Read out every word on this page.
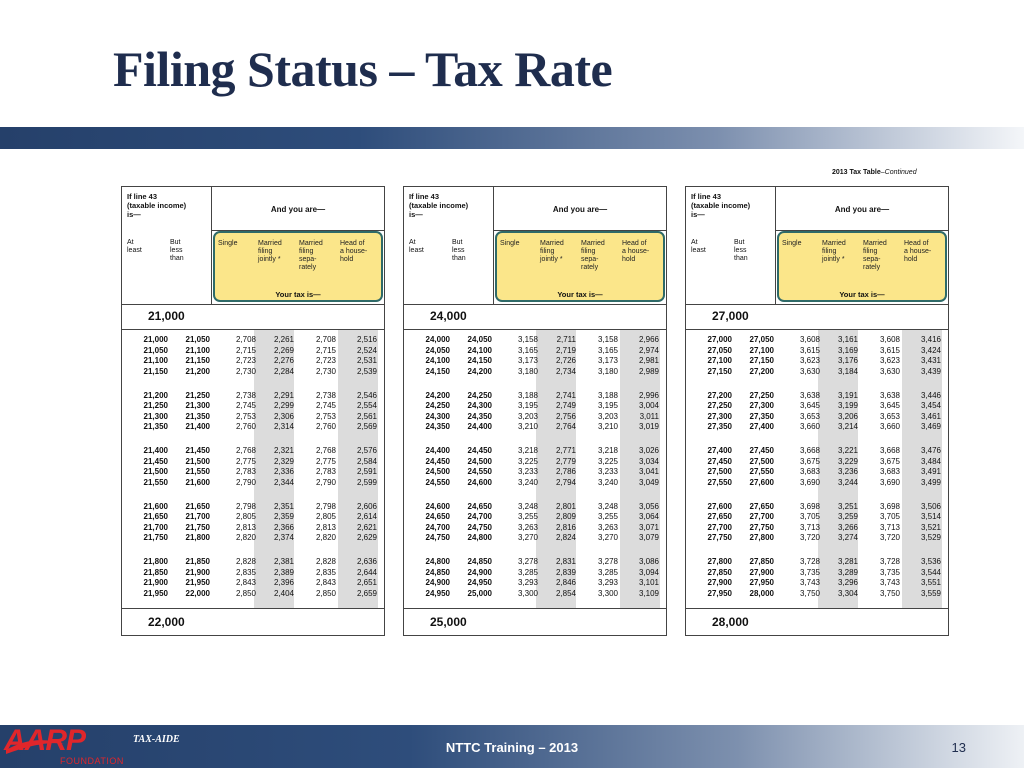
Filing Status – Tax Rate
2013 Tax Table–Continued
If line 43
(taxable income)
is—
At
least
But
less
than
And you are—
Single	Married
filing
jointly *
Married
filing
sepa-
rately
Head of
a house-
hold
Your tax is—
21,000
21,000 21,050	2,708 2,261	2,708	2,516
21,050 21,100	2,715 2,269	2,715	2,524
21,100 21,150	2,723 2,276	2,723	2,531
21,150 21,200	2,730 2,284	2,730	2,539
21,200 21,250	2,738 2,291	2,738	2,546
21,250 21,300	2,745 2,299	2,745	2,554
21,300 21,350	2,753 2,306	2,753	2,561
21,350 21,400	2,760 2,314	2,760	2,569
21,400 21,450	2,768 2,321	2,768	2,576
21,450 21,500	2,775 2,329	2,775	2,584
21,500 21,550	2,783 2,336	2,783	2,591
21,550 21,600	2,790 2,344	2,790	2,599
21,600 21,650	2,798 2,351	2,798	2,606
21,650 21,700	2,805 2,359	2,805	2,614
21,700 21,750	2,813 2,366	2,813	2,621
21,750 21,800	2,820 2,374	2,820	2,629
21,800 21,850	2,828 2,381	2,828	2,636
21,850 21,900	2,835 2,389	2,835	2,644
21,900 21,950	2,843 2,396	2,843	2,651
21,950 22,000	2,850 2,404	2,850	2,659
22,000
If line 43
(taxable income)
is—
At
least
But
less
than
And you are—
Single	Married
filing
jointly *
Married
filing
sepa-
rately
Head of
a house-
hold
Your tax is—
24,000
24,000 24,050	3,158 2,711	3,158	2,966
24,050 24,100	3,165 2,719	3,165	2,974
24,100 24,150	3,173 2,726	3,173	2,981
24,150 24,200	3,180 2,734	3,180	2,989
24,200 24,250	3,188 2,741	3,188	2,996
24,250 24,300	3,195 2,749	3,195	3,004
24,300 24,350	3,203 2,756	3,203	3,011
24,350 24,400	3,210 2,764	3,210	3,019
24,400 24,450	3,218 2,771	3,218	3,026
24,450 24,500	3,225 2,779	3,225	3,034
24,500 24,550	3,233 2,786	3,233	3,041
24,550 24,600	3,240 2,794	3,240	3,049
24,600 24,650	3,248 2,801	3,248	3,056
24,650 24,700	3,255 2,809	3,255	3,064
24,700 24,750	3,263 2,816	3,263	3,071
24,750 24,800	3,270 2,824	3,270	3,079
24,800 24,850	3,278 2,831	3,278	3,086
24,850 24,900	3,285 2,839	3,285	3,094
24,900 24,950	3,293 2,846	3,293	3,101
24,950 25,000	3,300 2,854	3,300	3,109
25,000
If line 43
(taxable income)
is—
At
least
But
less
than
And you are—
Single	Married
filing
jointly *
Married
filing
sepa-
rately
Head of
a house-
hold
Your tax is—
27,000
27,000 27,050	3,608 3,161	3,608	3,416
27,050 27,100	3,615 3,169	3,615	3,424
27,100 27,150	3,623 3,176	3,623	3,431
27,150 27,200	3,630 3,184	3,630	3,439
27,200 27,250	3,638 3,191	3,638	3,446
27,250 27,300	3,645 3,199	3,645	3,454
27,300 27,350	3,653 3,206	3,653	3,461
27,350 27,400	3,660 3,214	3,660	3,469
27,400 27,450	3,668 3,221	3,668	3,476
27,450 27,500	3,675 3,229	3,675	3,484
27,500 27,550	3,683 3,236	3,683	3,491
27,550 27,600	3,690 3,244	3,690	3,499
27,600 27,650	3,698 3,251	3,698	3,506
27,650 27,700	3,705 3,259	3,705	3,514
27,700 27,750	3,713 3,266	3,713	3,521
27,750 27,800	3,720 3,274	3,720	3,529
27,800 27,850	3,728 3,281	3,728	3,536
27,850 27,900	3,735 3,289	3,735	3,544
27,900 27,950	3,743 3,296	3,743	3,551
27,950 28,000	3,750 3,304	3,750	3,559
28,000
AARP
FOUNDATION
TAX-AIDE
NTTC Training – 2013	13
